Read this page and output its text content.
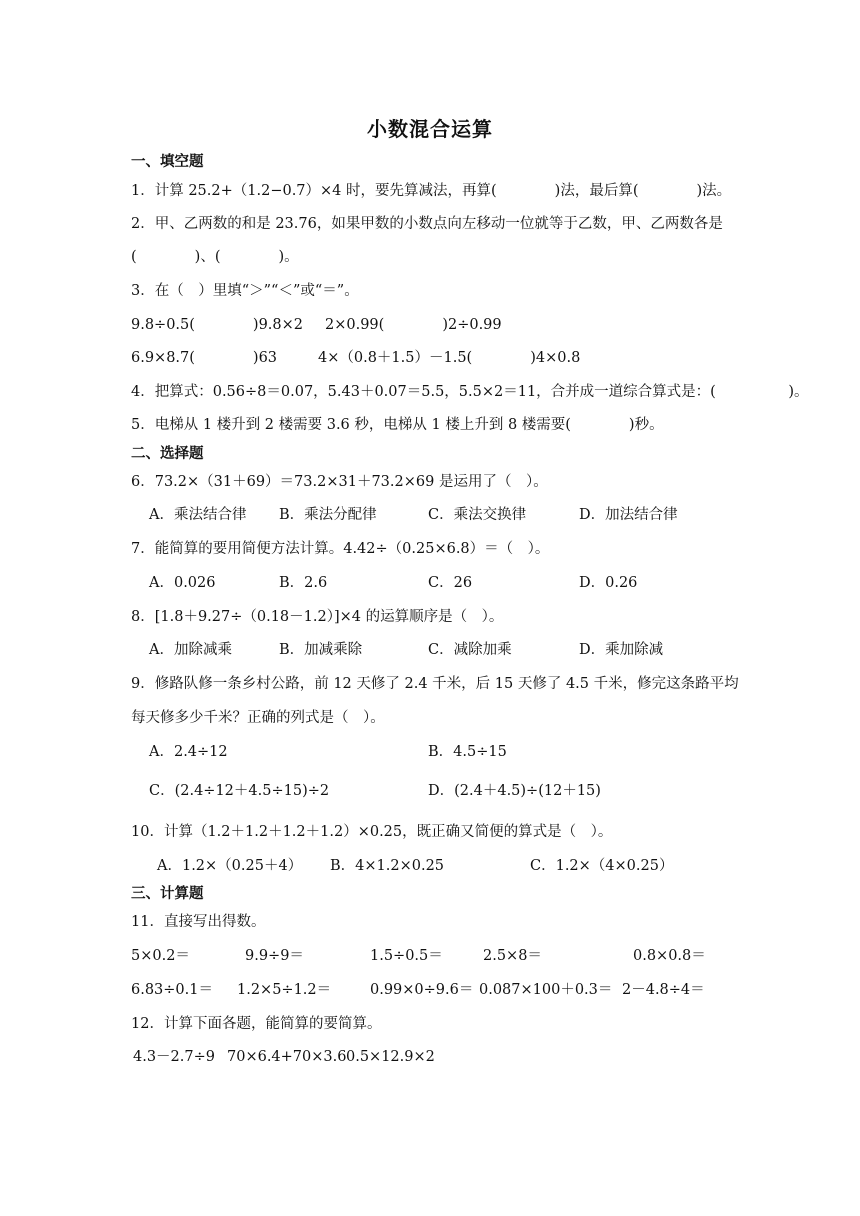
小数混合运算
一、填空题
1．计算 25.2+（1.2−0.7）×4 时，要先算减法，再算(　　　　)法，最后算(　　　　)法。
2．甲、乙两数的和是 23.76，如果甲数的小数点向左移动一位就等于乙数，甲、乙两数各是
(　　　　)、(　　　　)。
3．在（　）里填“＞”“＜”或“＝”。
9.8÷0.5(　　　　)9.8×2 2×0.99(　　　　)2÷0.99
6.9×8.7(　　　　)63	4×（0.8＋1.5）－1.5(　　　　)4×0.8
4．把算式：0.56÷8＝0.07，5.43＋0.07＝5.5，5.5×2＝11，合并成一道综合算式是：(　　　　　)。
5．电梯从 1 楼升到 2 楼需要 3.6 秒，电梯从 1 楼上升到 8 楼需要(　　　　)秒。
二、选择题
6．73.2×（31＋69）＝73.2×31＋73.2×69 是运用了（　）。
A．乘法结合律 B．乘法分配律	C．乘法交换律	D．加法结合律
7．能简算的要用简便方法计算。4.42÷（0.25×6.8）＝（　）。
A．0.026	B．2.6	C．26	D．0.26
8．[1.8＋9.27÷（0.18－1.2）]×4 的运算顺序是（　）。
A．加除减乘	B．加减乘除	C．减除加乘	D．乘加除减
9．修路队修一条乡村公路，前 12 天修了 2.4 千米，后 15 天修了 4.5 千米，修完这条路平均
每天修多少千米？正确的列式是（　）。
A．2.4÷12	B．4.5÷15
C．(2.4÷12＋4.5÷15)÷2	D．(2.4＋4.5)÷(12＋15)
10．计算（1.2＋1.2＋1.2＋1.2）×0.25，既正确又简便的算式是（　）。
A．1.2×（0.25＋4） B．4×1.2×0.25	C．1.2×（4×0.25）
三、计算题
11．直接写出得数。
5×0.2＝	9.9÷9＝	1.5÷0.5＝	2.5×8＝	0.8×0.8＝
6.83÷0.1＝ 1.2×5÷1.2＝	0.99×0÷9.6＝ 0.087×100＋0.3＝ 2－4.8÷4＝
12．计算下面各题，能简算的要简算。
4.3－2.7÷9 70×6.4+70×3.6 0.5×12.9×2
